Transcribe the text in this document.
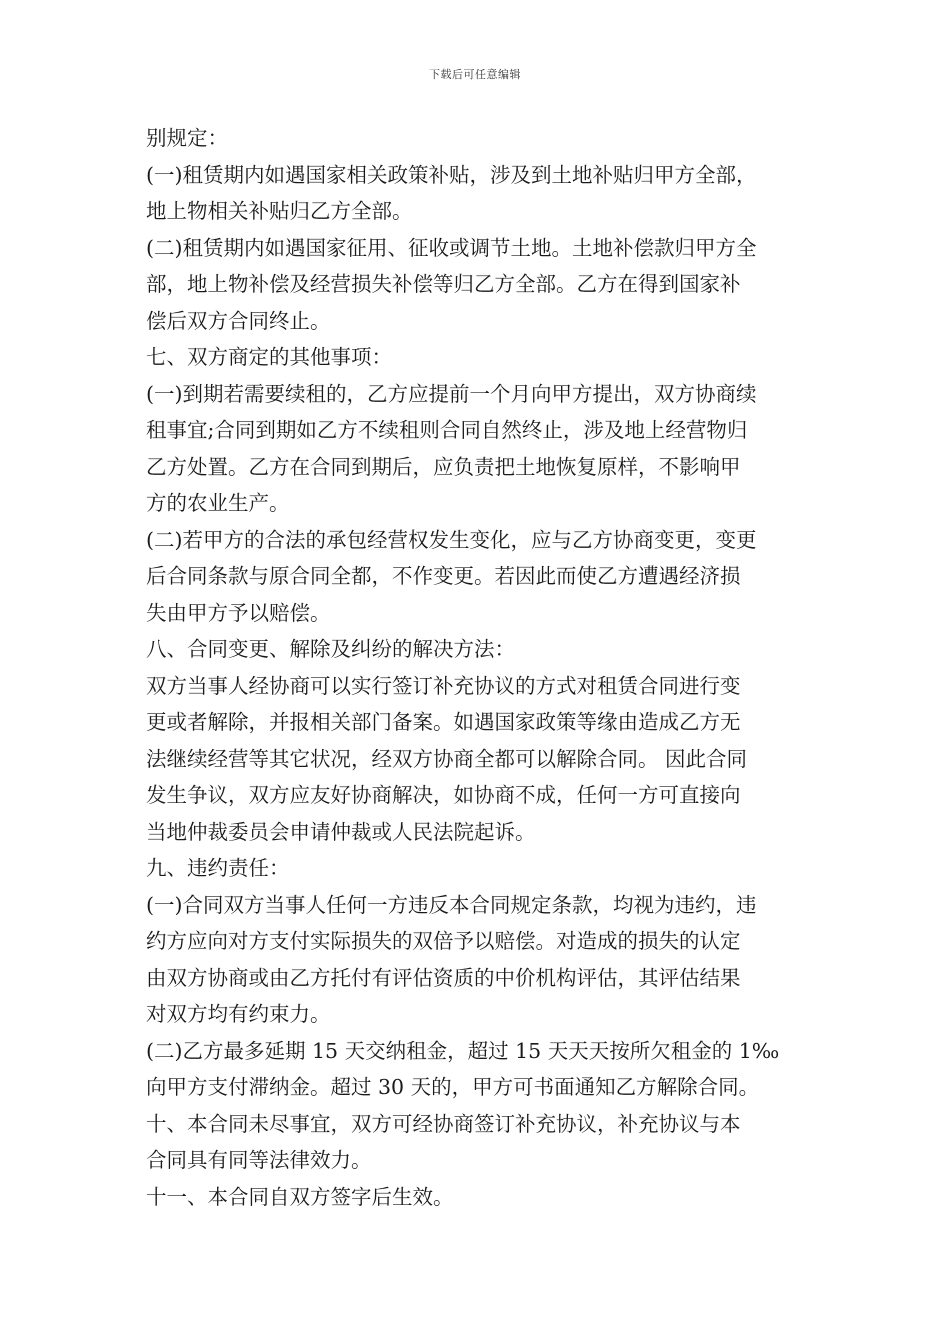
下载后可任意编辑
别规定：
(一)租赁期内如遇国家相关政策补贴，涉及到土地补贴归甲方全部，
地上物相关补贴归乙方全部。
(二)租赁期内如遇国家征用、征收或调节土地。土地补偿款归甲方全
部，地上物补偿及经营损失补偿等归乙方全部。乙方在得到国家补
偿后双方合同终止。
七、双方商定的其他事项：
(一)到期若需要续租的，乙方应提前一个月向甲方提出，双方协商续
租事宜;合同到期如乙方不续租则合同自然终止，涉及地上经营物归
乙方处置。乙方在合同到期后，应负责把土地恢复原样，不影响甲
方的农业生产。
(二)若甲方的合法的承包经营权发生变化，应与乙方协商变更，变更
后合同条款与原合同全都，不作变更。若因此而使乙方遭遇经济损
失由甲方予以赔偿。
八、合同变更、解除及纠纷的解决方法：
双方当事人经协商可以实行签订补充协议的方式对租赁合同进行变
更或者解除，并报相关部门备案。如遇国家政策等缘由造成乙方无
法继续经营等其它状况，经双方协商全都可以解除合同。 因此合同
发生争议，双方应友好协商解决，如协商不成，任何一方可直接向
当地仲裁委员会申请仲裁或人民法院起诉。
九、违约责任：
(一)合同双方当事人任何一方违反本合同规定条款，均视为违约，违
约方应向对方支付实际损失的双倍予以赔偿。对造成的损失的认定
由双方协商或由乙方托付有评估资质的中价机构评估，其评估结果
对双方均有约束力。
(二)乙方最多延期 15 天交纳租金，超过 15 天天天按所欠租金的 1‰
向甲方支付滞纳金。超过 30 天的，甲方可书面通知乙方解除合同。
十、本合同未尽事宜，双方可经协商签订补充协议，补充协议与本
合同具有同等法律效力。
十一、本合同自双方签字后生效。
